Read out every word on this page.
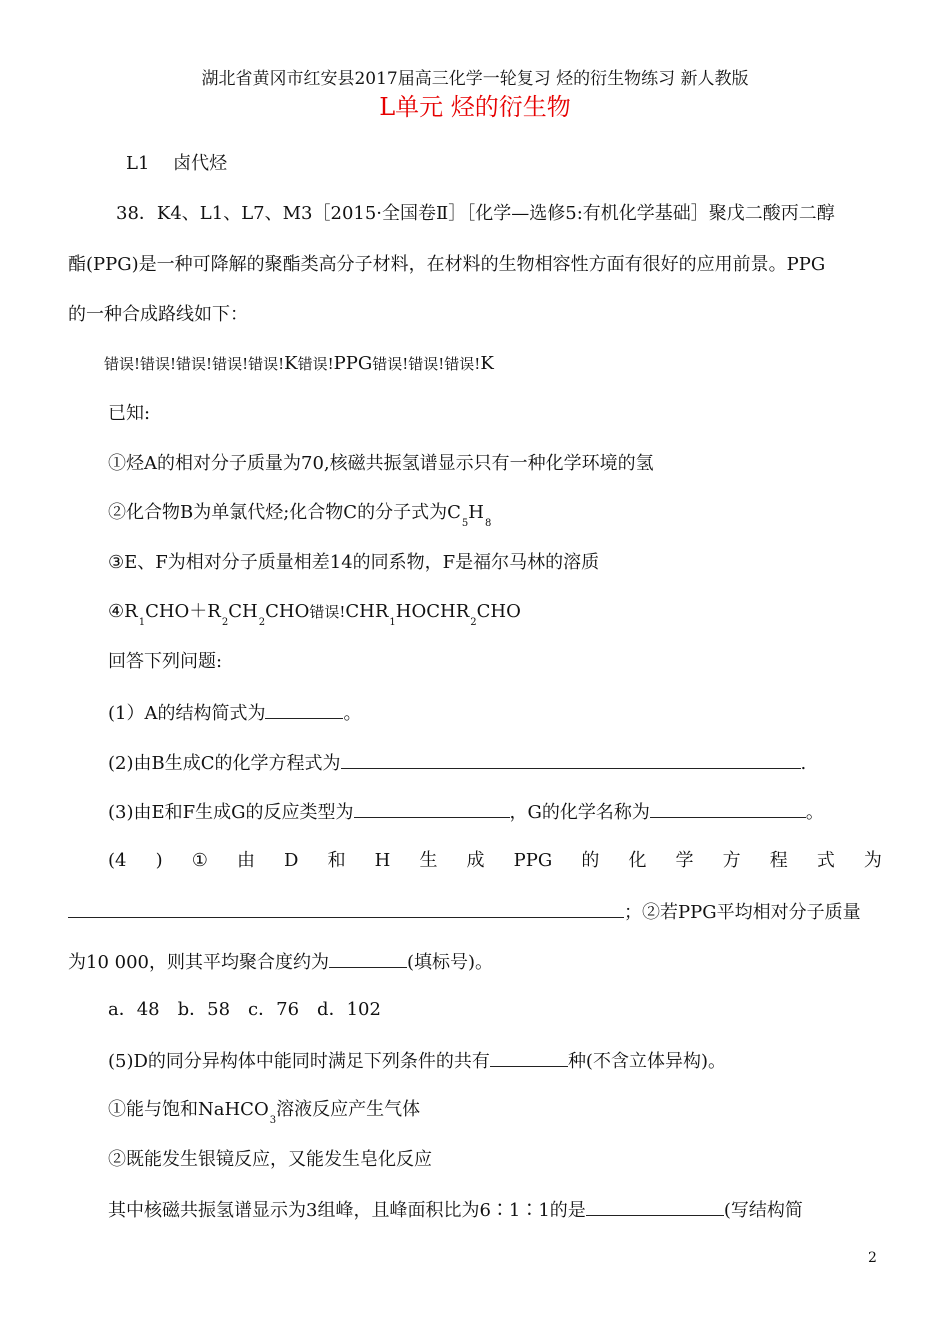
湖北省黄冈市红安县2017届高三化学一轮复习 烃的衍生物练习 新人教版
L单元 烃的衍生物
L1　 卤代烃
38．K4、L1、L7、M3［2015·全国卷Ⅱ］［化学—选修5:有机化学基础］聚戊二酸丙二醇
酯(PPG)是一种可降解的聚酯类高分子材料，在材料的生物相容性方面有很好的应用前景。PPG
的一种合成路线如下：
错误!错误!错误!错误!错误!K错误!PPG错误!错误!错误!K
已知:
①烃A的相对分子质量为70,核磁共振氢谱显示只有一种化学环境的氢
②化合物B为单氯代烃;化合物C的分子式为$C_5H_8$
③E、F为相对分子质量相差14的同系物，F是福尔马林的溶质
$④R_1CHO+R_2CH_2CHO$错误$!CHR_1HOCHR_2CHO$
回答下列问题:
(1）A的结构简式为	。
(2)由B生成C的化学方程式为	.
(3)由E和F生成G的反应类型为	，G的化学名称为	。
(4 ) ① 由 D 和 H 生 成 PPG 的 化 学 方 程 式 为
；②若PPG平均相对分子质量
为10 000，则其平均聚合度约为	(填标号)。
a．48　b．58　c．76　d．102
(5)D的同分异构体中能同时满足下列条件的共有	种(不含立体异构)。
①能与饱和NaHCO$_3$溶液反应产生气体
②既能发生银镜反应，又能发生皂化反应
其中核磁共振氢谱显示为3组峰，且峰面积比为6∶1∶1的是	(写结构简
2
